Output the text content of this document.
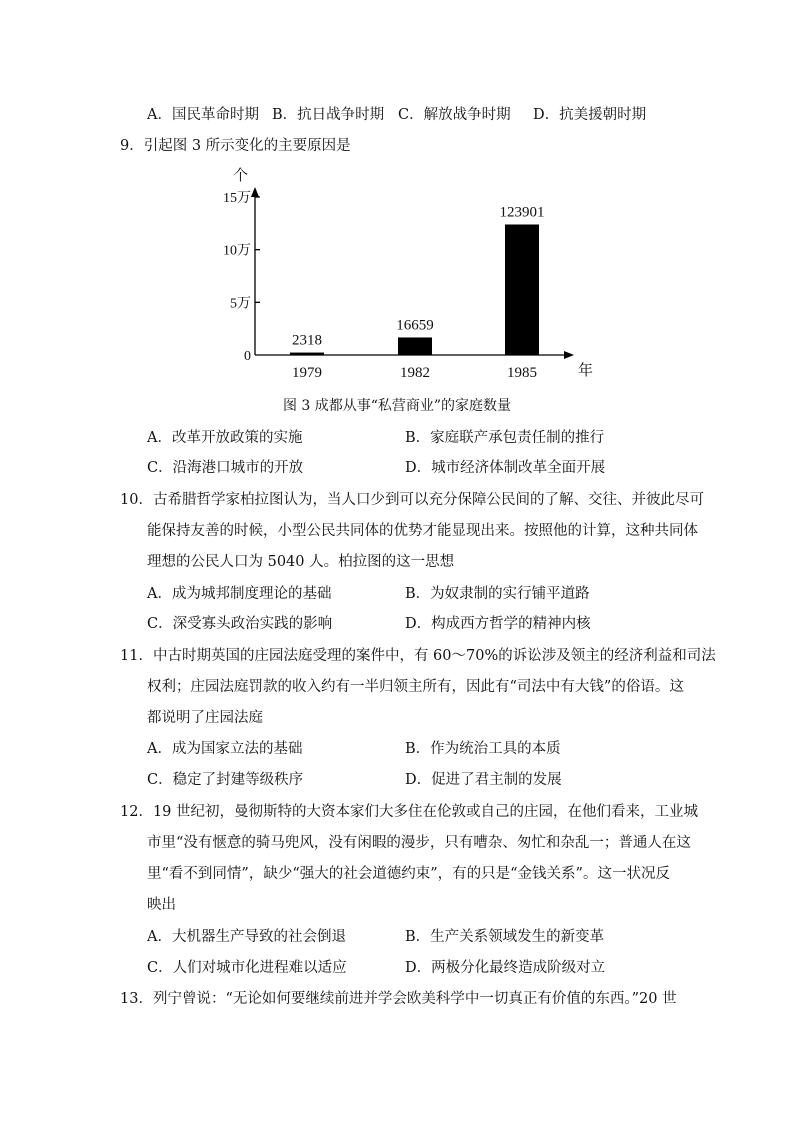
A．国民革命时期 B．抗日战争时期 C．解放战争时期 D．抗美援朝时期
9．引起图 3 所示变化的主要原因是
个
年
0
5万
10万
15万
2318
1979
16659
1982
123901
1985
图 3 成都从事“私营商业”的家庭数量
A．改革开放政策的实施	B．家庭联产承包责任制的推行
C．沿海港口城市的开放	D．城市经济体制改革全面开展
10．古希腊哲学家柏拉图认为，当人口少到可以充分保障公民间的了解、交往、并彼此尽可
能保持友善的时候，小型公民共同体的优势才能显现出来。按照他的计算，这种共同体
理想的公民人口为 5040 人。柏拉图的这一思想
A．成为城邦制度理论的基础	B．为奴隶制的实行铺平道路
C．深受寡头政治实践的影响	D．构成西方哲学的精神内核
11．中古时期英国的庄园法庭受理的案件中，有 60～70%的诉讼涉及领主的经济利益和司法
权利；庄园法庭罚款的收入约有一半归领主所有，因此有“司法中有大钱”的俗语。这
都说明了庄园法庭
A．成为国家立法的基础	B．作为统治工具的本质
C．稳定了封建等级秩序	D．促进了君主制的发展
12．19 世纪初，曼彻斯特的大资本家们大多住在伦敦或自己的庄园，在他们看来，工业城
市里“没有惬意的骑马兜风，没有闲暇的漫步，只有嘈杂、匆忙和杂乱一；普通人在这
里“看不到同情”，缺少“强大的社会道德约束”，有的只是“金钱关系”。这一状况反
映出
A．大机器生产导致的社会倒退	B．生产关系领域发生的新变革
C．人们对城市化进程难以适应	D．两极分化最终造成阶级对立
13．列宁曾说：“无论如何要继续前进并学会欧美科学中一切真正有价值的东西。”20 世
